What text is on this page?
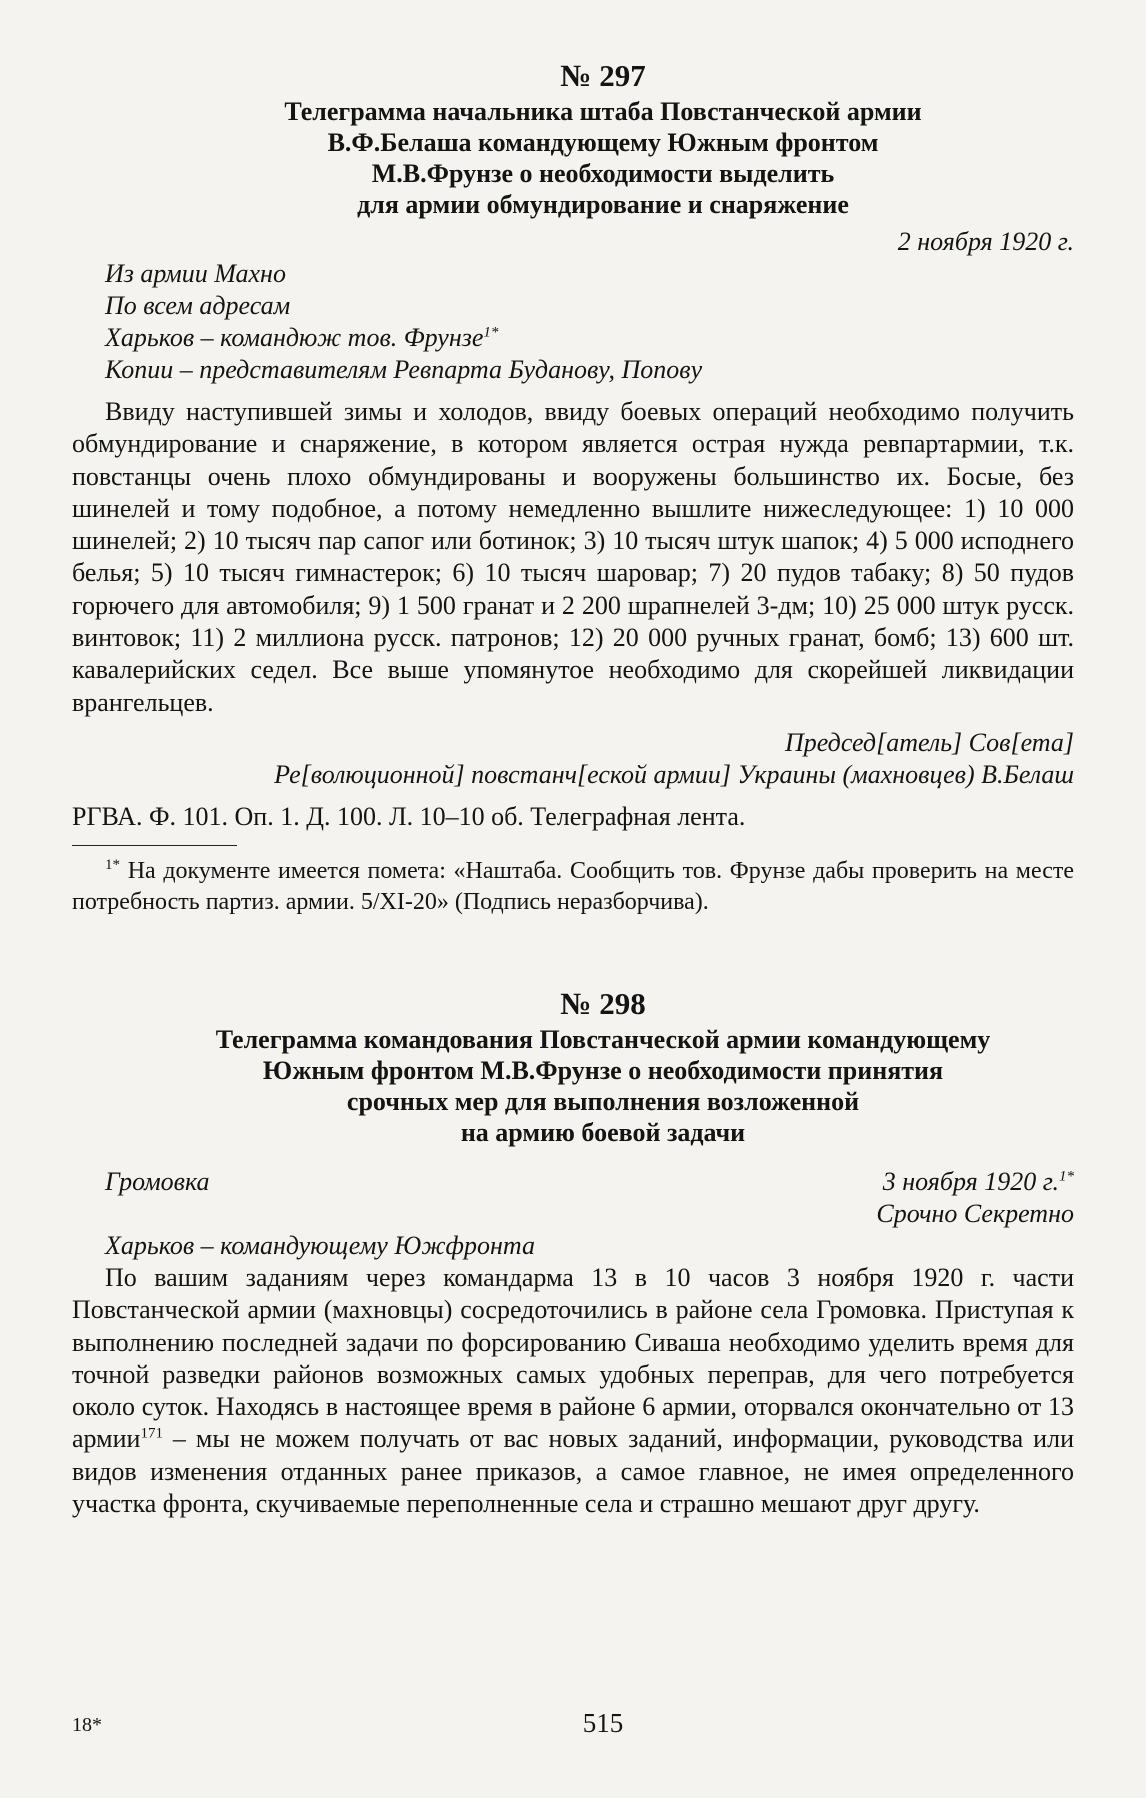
№ 297
Телеграмма начальника штаба Повстанческой армии
В.Ф.Белаша командующему Южным фронтом
М.В.Фрунзе о необходимости выделить
для армии обмундирование и снаряжение
2 ноября 1920 г.
Из армии Махно
По всем адресам
Харьков – командюж тов. Фрунзе$^{1*}$
Копии – представителям Ревпарта Буданову, Попову

Ввиду наступившей зимы и холодов, ввиду боевых операций необходимо получить обмундирование и снаряжение, в котором является острая нужда ревпартармии, т.к. повстанцы очень плохо обмундированы и вооружены большинство их. Босые, без шинелей и тому подобное, а потому немедленно вышлите нижеследующее: 1) 10 000 шинелей; 2) 10 тысяч пар сапог или ботинок; 3) 10 тысяч штук шапок; 4) 5 000 исподнего белья; 5) 10 тысяч гимнастерок; 6) 10 тысяч шаровар; 7) 20 пудов табаку; 8) 50 пудов горючего для автомобиля; 9) 1 500 гранат и 2 200 шрапнелей 3-дм; 10) 25 000 штук русск. винтовок; 11) 2 миллиона русск. патронов; 12) 20 000 ручных гранат, бомб; 13) 600 шт. кавалерийских седел. Все выше упомянутое необходимо для скорейшей ликвидации врангельцев.

Председ[атель] Сов[ета]
Ре[волюционной] повстанч[еской армии] Украины (махновцев) В.Белаш
РГВА. Ф. 101. Оп. 1. Д. 100. Л. 10–10 об. Телеграфная лента.
$^{1*}$ На документе имеется помета: «Наштаба. Сообщить тов. Фрунзе дабы проверить на месте потребность партиз. армии. 5/XI-20» (Подпись неразборчива).
№ 298
Телеграмма командования Повстанческой армии командующему
Южным фронтом М.В.Фрунзе о необходимости принятия
срочных мер для выполнения возложенной
на армию боевой задачи
Громовка	3 ноября 1920 г.$^{1*}$
Срочно Секретно
Харьков – командующему Южфронта

По вашим заданиям через командарма 13 в 10 часов 3 ноября 1920 г. части Повстанческой армии (махновцы) сосредоточились в районе села Громовка. Приступая к выполнению последней задачи по форсированию Сиваша необходимо уделить время для точной разведки районов возможных самых удобных переправ, для чего потребуется около суток. Находясь в настоящее время в районе 6 армии, оторвался окончательно от 13 армии$^{171}$ – мы не можем получать от вас новых заданий, информации, руководства или видов изменения отданных ранее приказов, а самое главное, не имея определенного участка фронта, скучиваемые переполненные села и страшно мешают друг другу.

18*	515
